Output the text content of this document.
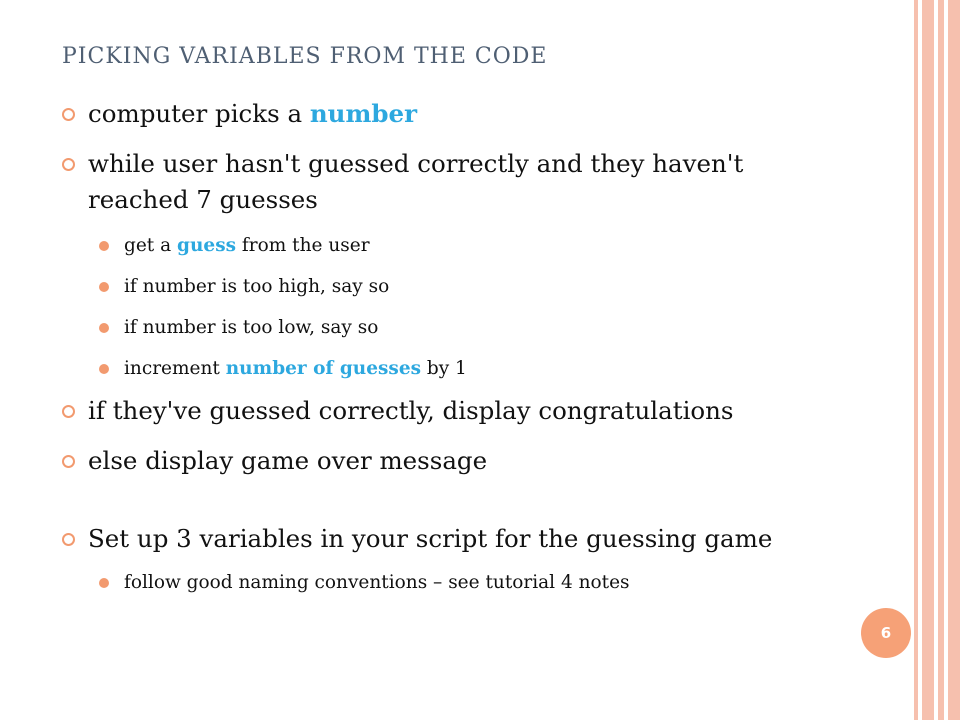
PICKING VARIABLES FROM THE CODE
computer picks a number
while user hasn't guessed correctly and they haven't reached 7 guesses
get a guess from the user
if number is too high, say so
if number is too low, say so
increment number of guesses by 1
if they've guessed correctly, display congratulations
else display game over message
Set up 3 variables in your script for the guessing game
follow good naming conventions – see tutorial 4 notes
6
